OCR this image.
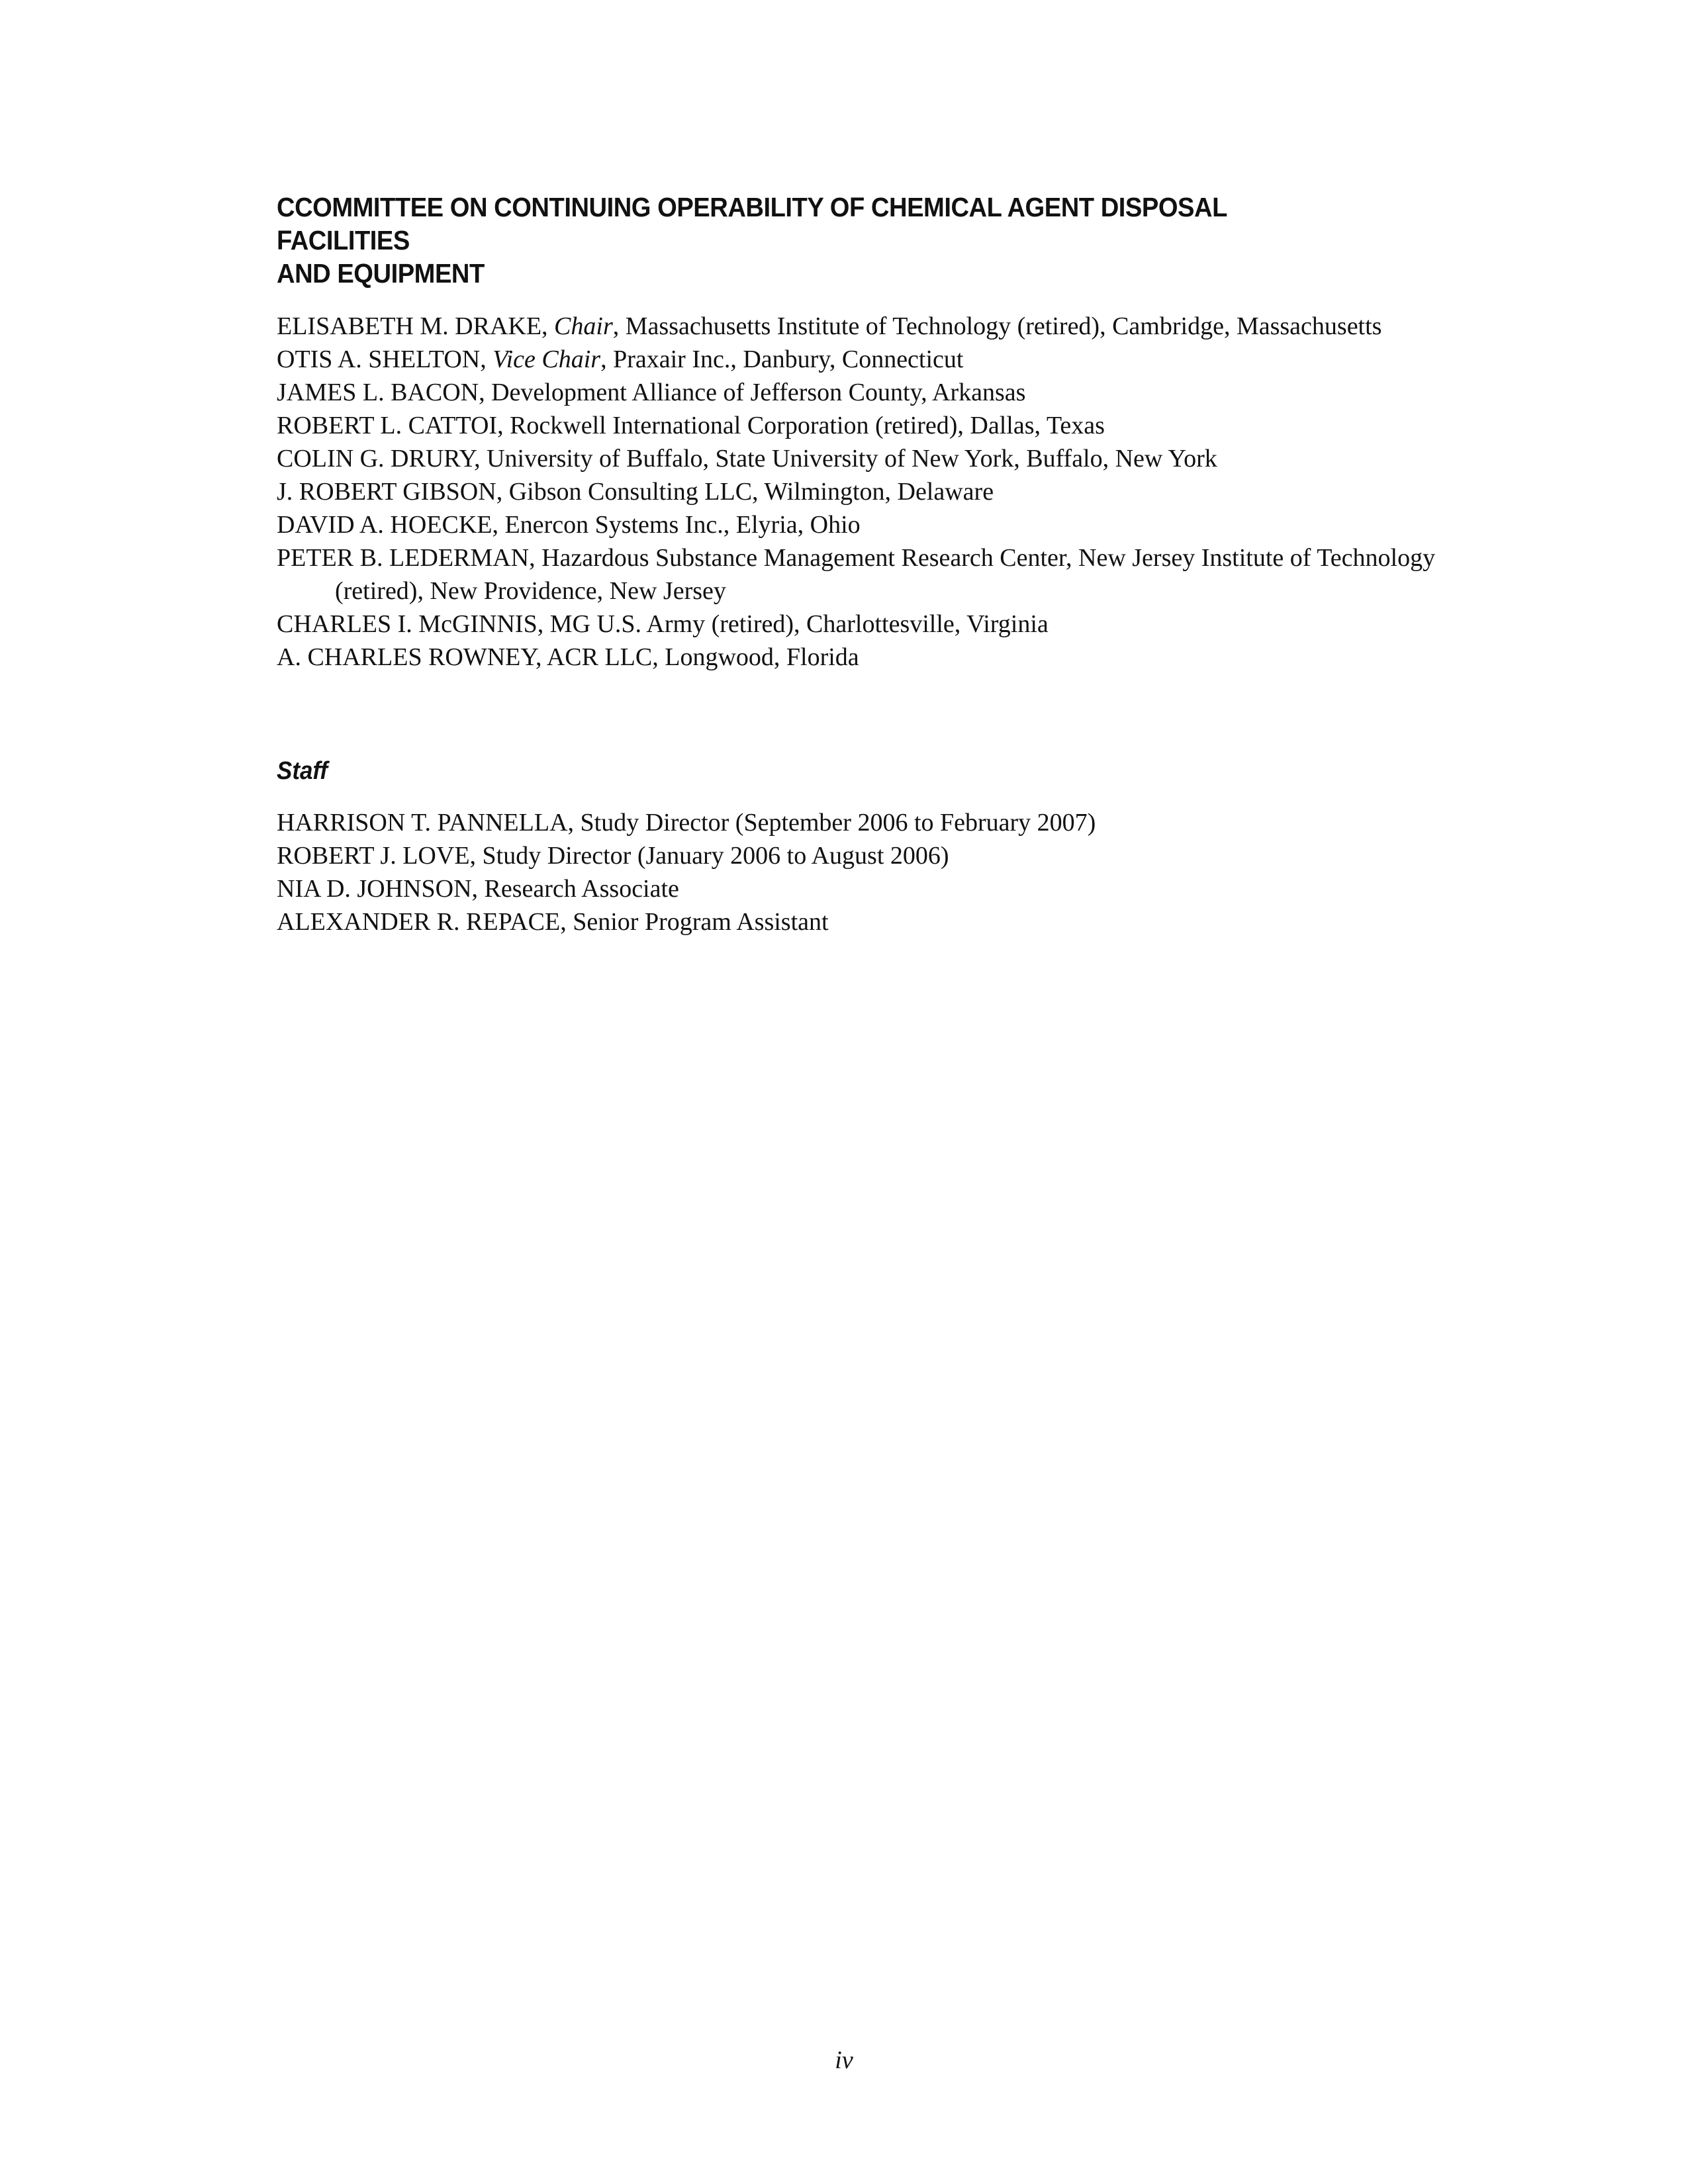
CCOMMITTEE ON CONTINUING OPERABILITY OF CHEMICAL AGENT DISPOSAL FACILITIES
AND EQUIPMENT
ELISABETH M. DRAKE, Chair, Massachusetts Institute of Technology (retired), Cambridge, Massachusetts
OTIS A. SHELTON, Vice Chair, Praxair Inc., Danbury, Connecticut
JAMES L. BACON, Development Alliance of Jefferson County, Arkansas
ROBERT L. CATTOI, Rockwell International Corporation (retired), Dallas, Texas
COLIN G. DRURY, University of Buffalo, State University of New York, Buffalo, New York
J. ROBERT GIBSON, Gibson Consulting LLC, Wilmington, Delaware
DAVID A. HOECKE, Enercon Systems Inc., Elyria, Ohio
PETER B. LEDERMAN, Hazardous Substance Management Research Center, New Jersey Institute of Technology (retired), New Providence, New Jersey
CHARLES I. McGINNIS, MG U.S. Army (retired), Charlottesville, Virginia
A. CHARLES ROWNEY, ACR LLC, Longwood, Florida
Staff
HARRISON T. PANNELLA, Study Director (September 2006 to February 2007)
ROBERT J. LOVE, Study Director (January 2006 to August 2006)
NIA D. JOHNSON, Research Associate
ALEXANDER R. REPACE, Senior Program Assistant
iv
